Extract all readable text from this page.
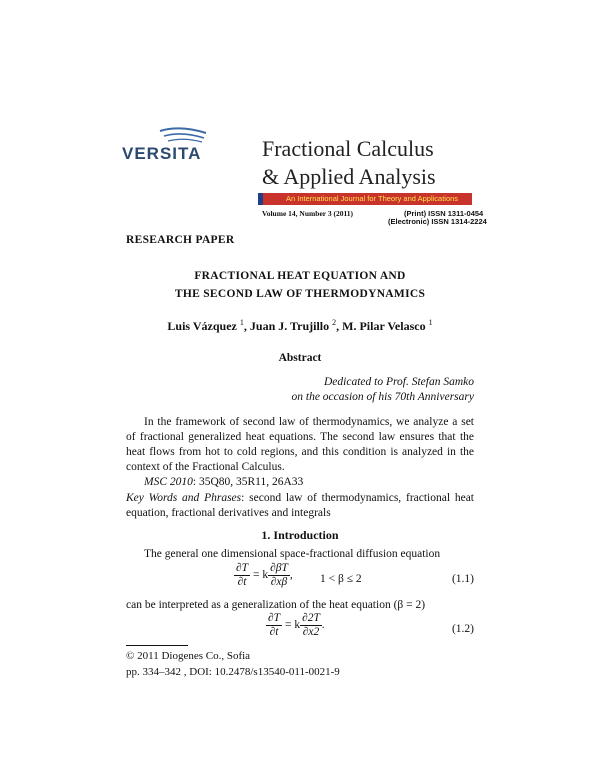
VERSITA	Fractional Calculus
& Applied Analysis
An International Journal for Theory and Applications
Volume 14, Number 3 (2011)	(Print) ISSN 1311-0454
(Electronic) ISSN 1314-2224
RESEARCH PAPER
FRACTIONAL HEAT EQUATION AND
THE SECOND LAW OF THERMODYNAMICS
Luis Vázquez $^1$, Juan J. Trujillo $^2$, M. Pilar Velasco $^1$
Abstract
Dedicated to Prof. Stefan Samko
on the occasion of his 70th Anniversary
In the framework of second law of thermodynamics, we analyze a set of fractional generalized heat equations. The second law ensures that the heat flows from hot to cold regions, and this condition is analyzed in the context of the Fractional Calculus.
MSC 2010: 35Q80, 35R11, 26A33
Key Words and Phrases: second law of thermodynamics, fractional heat equation, fractional derivatives and integrals
1. Introduction
The general one dimensional space-fractional diffusion equation
$\frac{\partial T}{\partial t} = k \frac{\partial\beta T}{\partial x\beta}$ , 1 < β ≤ 2	(1.1)
can be interpreted as a generalization of the heat equation (β = 2)
$\frac{\partial T}{\partial t} = k \frac{\partial 2T}{\partial x2}$ .	(1.2)
© 2011 Diogenes Co., Sofia
pp. 334–342 , DOI: 10.2478/s13540-011-0021-9
